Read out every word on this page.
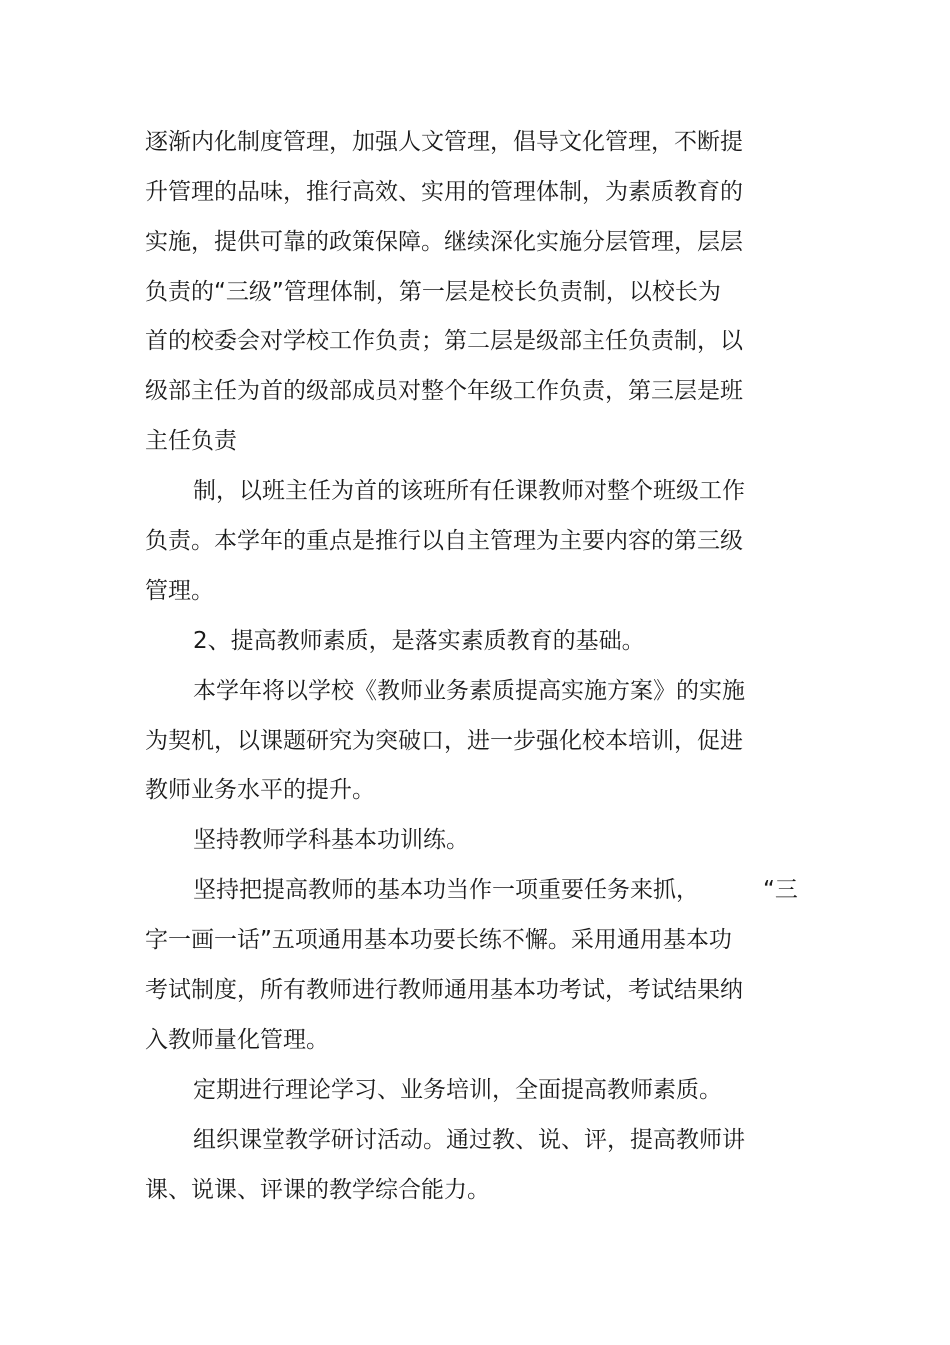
逐渐内化制度管理，加强人文管理，倡导文化管理，不断提
升管理的品味，推行高效、实用的管理体制，为素质教育的
实施，提供可靠的政策保障。继续深化实施分层管理，层层
负责的“三级”管理体制，第一层是校长负责制，以校长为
首的校委会对学校工作负责；第二层是级部主任负责制，以
级部主任为首的级部成员对整个年级工作负责，第三层是班
主任负责
制，以班主任为首的该班所有任课教师对整个班级工作
负责。本学年的重点是推行以自主管理为主要内容的第三级
管理。
2、提高教师素质，是落实素质教育的基础。
本学年将以学校《教师业务素质提高实施方案》的实施
为契机，以课题研究为突破口，进一步强化校本培训，促进
教师业务水平的提升。
坚持教师学科基本功训练。
坚持把提高教师的基本功当作一项重要任务来抓，	“三
字一画一话”五项通用基本功要长练不懈。采用通用基本功
考试制度，所有教师进行教师通用基本功考试，考试结果纳
入教师量化管理。
定期进行理论学习、业务培训，全面提高教师素质。
组织课堂教学研讨活动。通过教、说、评，提高教师讲
课、说课、评课的教学综合能力。
